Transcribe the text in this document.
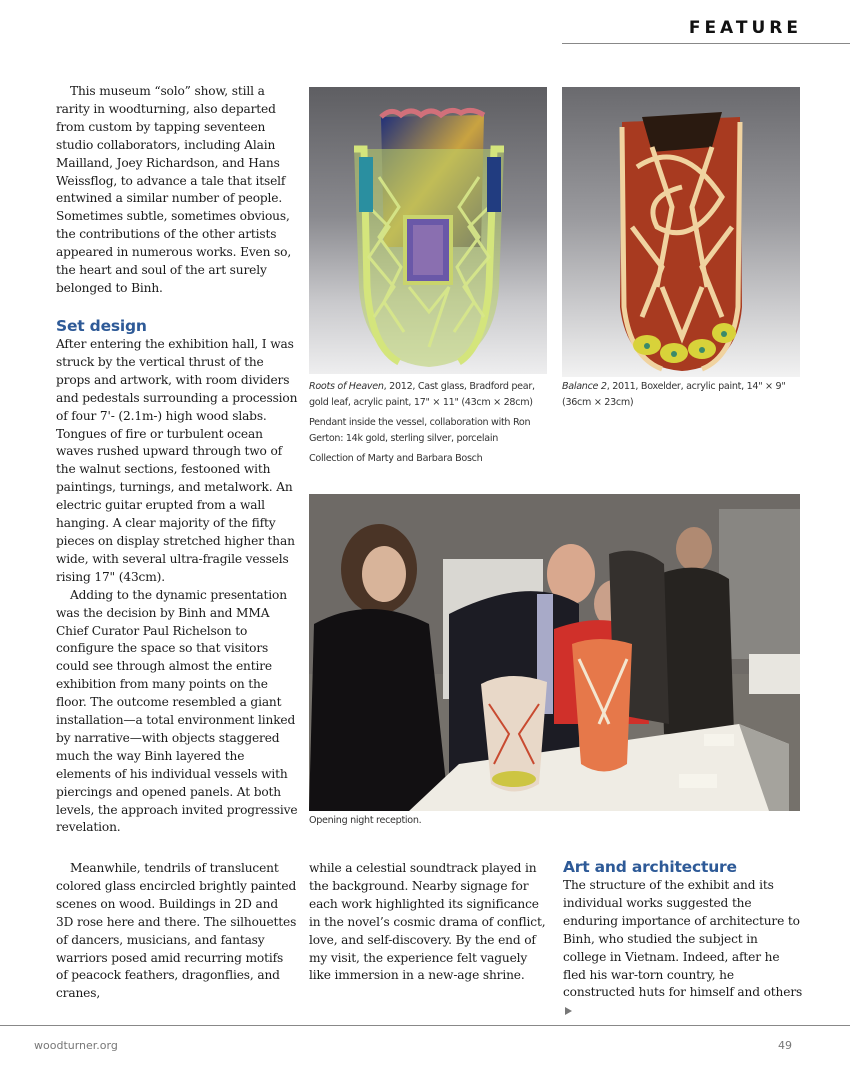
FEATURE

This museum “solo” show, still a rarity in woodturning, also departed from custom by tapping seventeen studio collaborators, including Alain Mailland, Joey Richardson, and Hans Weissflog, to advance a tale that itself entwined a similar number of people. Sometimes subtle, sometimes obvious, the contributions of the other artists appeared in numerous works. Even so, the heart and soul of the art surely belonged to Binh.

Set design

After entering the exhibition hall, I was struck by the vertical thrust of the props and artwork, with room dividers and pedestals surrounding a procession of four 7'- (2.1m-) high wood slabs. Tongues of fire or turbulent ocean waves rushed upward through two of the walnut sections, festooned with paintings, turnings, and metalwork. An electric guitar erupted from a wall hanging. A clear majority of the fifty pieces on display stretched higher than wide, with several ultra-fragile vessels rising 17" (43cm).

Adding to the dynamic presentation was the decision by Binh and MMA Chief Curator Paul Richelson to configure the space so that visitors could see through almost the entire exhibition from many points on the floor. The outcome resembled a giant installation—a total environment linked by narrative—with objects staggered much the way Binh layered the elements of his individual vessels with piercings and opened panels. At both levels, the approach invited progressive revelation.

Meanwhile, tendrils of translucent colored glass encircled brightly painted scenes on wood. Buildings in 2D and 3D rose here and there. The silhouettes of dancers, musicians, and fantasy warriors posed amid recurring motifs of peacock feathers, dragonflies, and cranes,

while a celestial soundtrack played in the background. Nearby signage for each work highlighted its significance in the novel’s cosmic drama of conflict, love, and self-discovery. By the end of my visit, the experience felt vaguely like immersion in a new-age shrine.

Art and architecture

The structure of the exhibit and its individual works suggested the enduring importance of architecture to Binh, who studied the subject in college in Vietnam. Indeed, after he fled his war-torn country, he constructed huts for himself and others

Roots of Heaven, 2012, Cast glass, Bradford pear, gold leaf, acrylic paint, 17" × 11" (43cm × 28cm)

Pendant inside the vessel, collaboration with Ron Gerton: 14k gold, sterling silver, porcelain

Collection of Marty and Barbara Bosch

Balance 2, 2011, Boxelder, acrylic paint, 14" × 9" (36cm × 23cm)

Opening night reception.

woodturner.org	49
